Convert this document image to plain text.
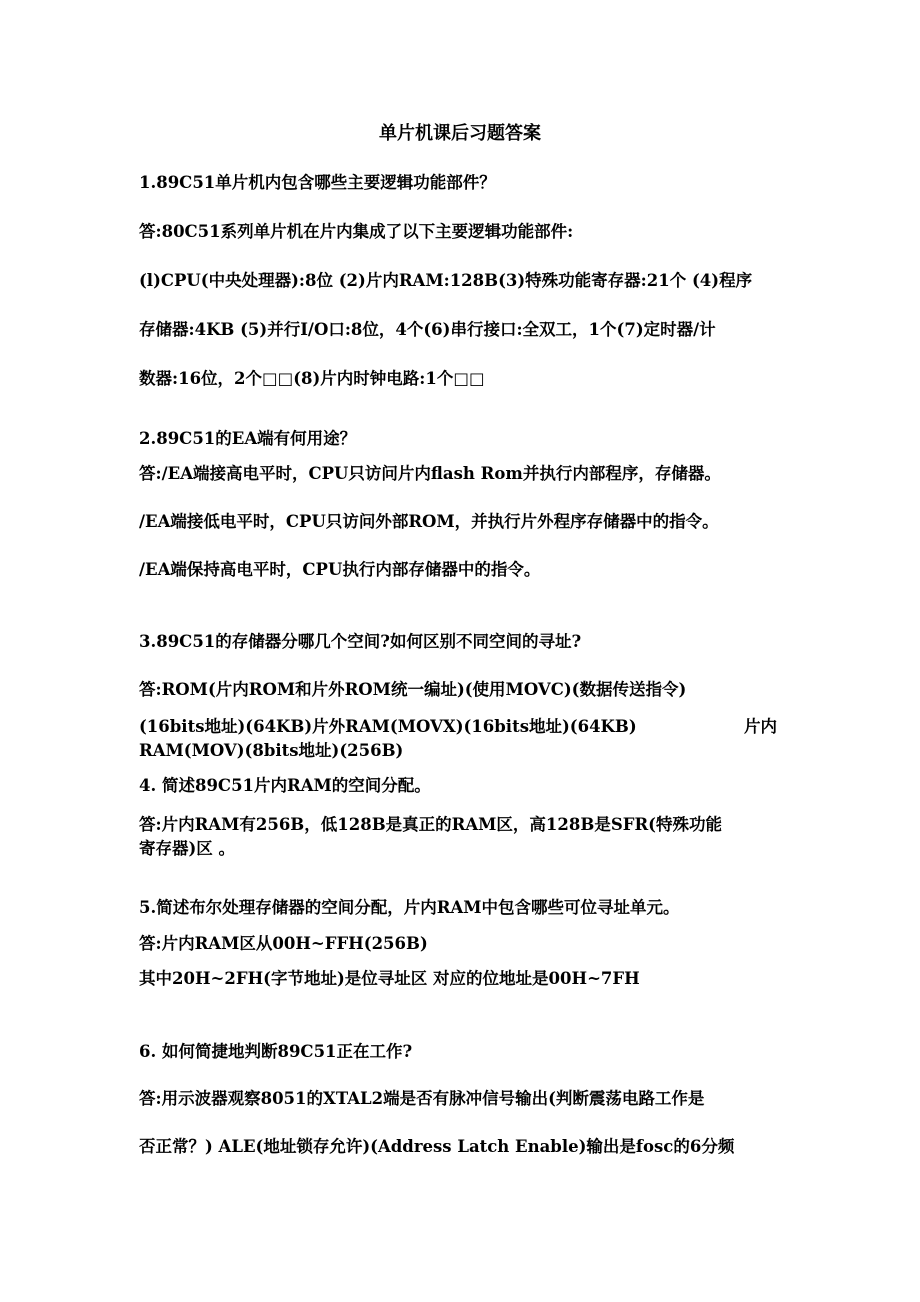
单片机课后习题答案
1.89C51单片机内包含哪些主要逻辑功能部件？
答:80C51系列单片机在片内集成了以下主要逻辑功能部件:
(l)CPU(中央处理器):8位 (2)片内RAM:128B(3)特殊功能寄存器:21个 (4)程序
存储器:4KB (5)并行I/O口:8位，4个(6)串行接口:全双工，1个(7)定时器/计
数器:16位，2个□□(8)片内时钟电路:1个□□
2.89C51的EA端有何用途？
答:/EA端接高电平时，CPU只访问片内flash Rom并执行内部程序，存储器。
/EA端接低电平时，CPU只访问外部ROM，并执行片外程序存储器中的指令。
/EA端保持高电平时，CPU执行内部存储器中的指令。
3.89C51的存储器分哪几个空间?如何区别不同空间的寻址?
答:ROM(片内ROM和片外ROM统一编址)(使用MOVC)(数据传送指令)
(16bits地址)(64KB)片外RAM(MOVX)(16bits地址)(64KB)	片内
RAM(MOV)(8bits地址)(256B)
4. 简述89C51片内RAM的空间分配。
答:片内RAM有256B，低128B是真正的RAM区，高128B是SFR(特殊功能
寄存器)区 。
5.简述布尔处理存储器的空间分配，片内RAM中包含哪些可位寻址单元。
答:片内RAM区从00H~FFH(256B)
其中20H~2FH(字节地址)是位寻址区 对应的位地址是00H~7FH
6. 如何简捷地判断89C51正在工作?
答:用示波器观察8051的XTAL2端是否有脉冲信号输出(判断震荡电路工作是
否正常？) ALE(地址锁存允许)(Address Latch Enable)输出是fosc的6分频
